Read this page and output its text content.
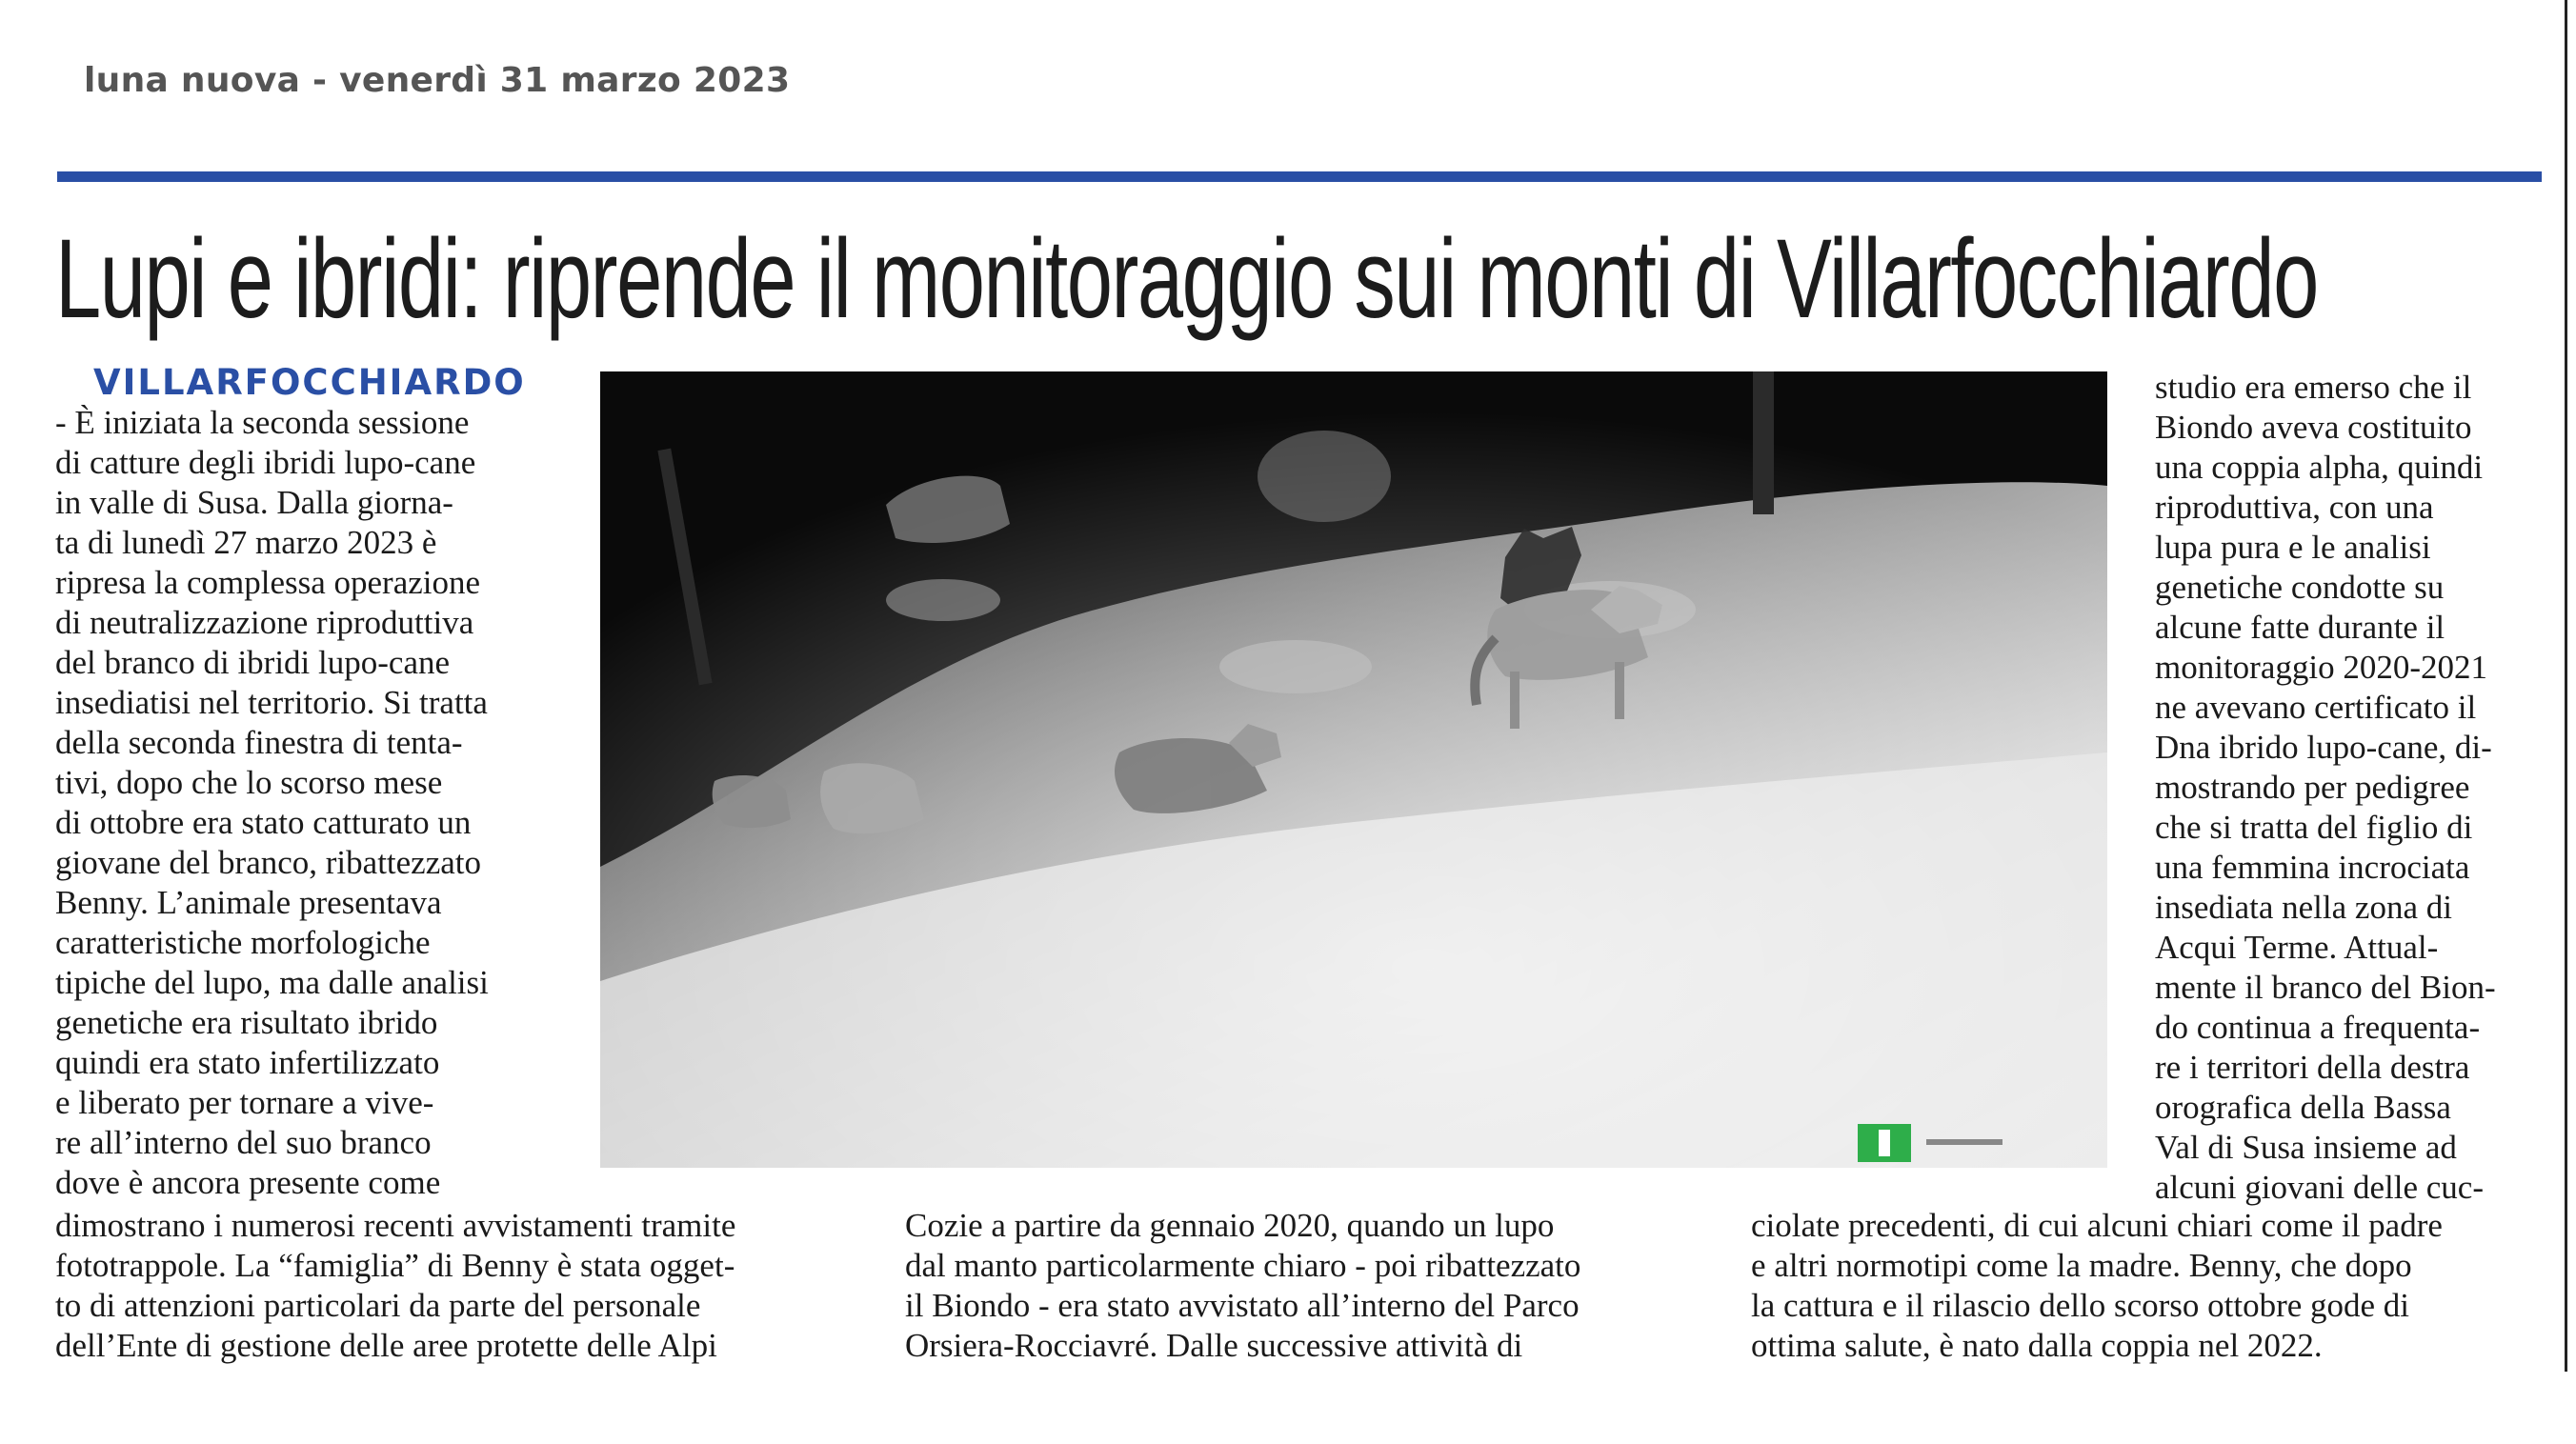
luna nuova - venerdì 31 marzo 2023
Lupi e ibridi: riprende il monitoraggio sui monti di Villarfocchiardo
VILLARFOCCHIARDO
- È iniziata la seconda sessione
di catture degli ibridi lupo-cane
in valle di Susa. Dalla giorna-
ta di lunedì 27 marzo 2023 è
ripresa la complessa operazione
di neutralizzazione riproduttiva
del branco di ibridi lupo-cane
insediatisi nel territorio. Si tratta
della seconda finestra di tenta-
tivi, dopo che lo scorso mese
di ottobre era stato catturato un
giovane del branco, ribattezzato
Benny. L’animale presentava
caratteristiche morfologiche
tipiche del lupo, ma dalle analisi
genetiche era risultato ibrido
quindi era stato infertilizzato
e liberato per tornare a vive-
re all’interno del suo branco
dove è ancora presente come
studio era emerso che il
Biondo aveva costituito
una coppia alpha, quindi
riproduttiva, con una
lupa pura e le analisi
genetiche condotte su
alcune fatte durante il
monitoraggio 2020-2021
ne avevano certificato il
Dna ibrido lupo-cane, di-
mostrando per pedigree
che si tratta del figlio di
una femmina incrociata
insediata nella zona di
Acqui Terme. Attual-
mente il branco del Bion-
do continua a frequenta-
re i territori della destra
orografica della Bassa
Val di Susa insieme ad
alcuni giovani delle cuc-
dimostrano i numerosi recenti avvistamenti tramite
fototrappole. La “famiglia” di Benny è stata ogget-
to di attenzioni particolari da parte del personale
dell’Ente di gestione delle aree protette delle Alpi
Cozie a partire da gennaio 2020, quando un lupo
dal manto particolarmente chiaro - poi ribattezzato
il Biondo - era stato avvistato all’interno del Parco
Orsiera-Rocciavré. Dalle successive attività di
ciolate precedenti, di cui alcuni chiari come il padre
e altri normotipi come la madre. Benny, che dopo
la cattura e il rilascio dello scorso ottobre gode di
ottima salute, è nato dalla coppia nel 2022.
